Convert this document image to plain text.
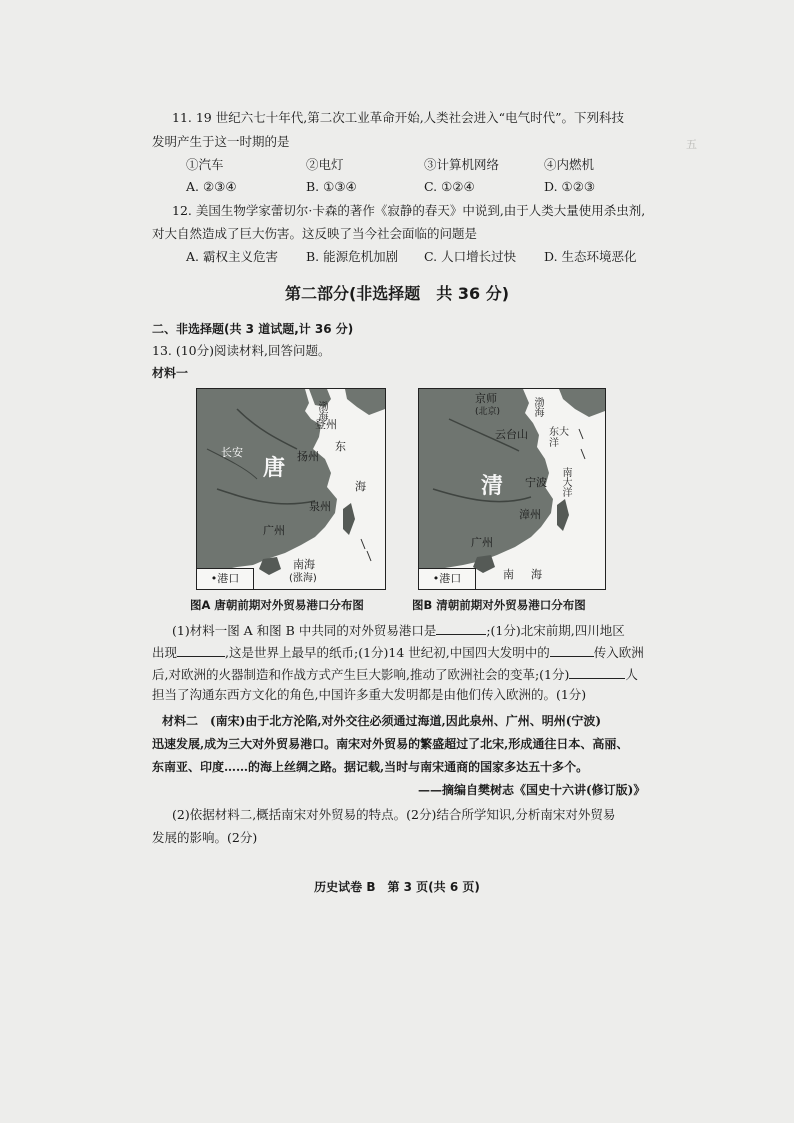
五
11. 19 世纪六七十年代,第二次工业革命开始,人类社会进入“电气时代”。下列科技
发明产生于这一时期的是
①汽车	②电灯	③计算机网络	④内燃机
A. ②③④	B. ①③④	C. ①②④	D. ①②③
12. 美国生物学家蕾切尔·卡森的著作《寂静的春天》中说到,由于人类大量使用杀虫剂,
对大自然造成了巨大伤害。这反映了当今社会面临的问题是
A. 霸权主义危害 B. 能源危机加剧 C. 人口增长过快 D. 生态环境恶化
第二部分(非选择题　共 36 分)
二、非选择题(共 3 道试题,计 36 分)
13. (10分)阅读材料,回答问题。
材料一
渤海
登州
长安	扬州
东
泉州
海
广州
南海
(涨海)
唐
•港口
京师
(北京)	渤海
云台山 东大洋
宁波 南大洋
漳州
广州
南 海
清
•港口
图A 唐朝前期对外贸易港口分布图	图B 清朝前期对外贸易港口分布图
(1)材料一图 A 和图 B 中共同的对外贸易港口是	;(1分)北宋前期,四川地区
出现	,这是世界上最早的纸币;(1分)14 世纪初,中国四大发明中的	传入欧洲
后,对欧洲的火器制造和作战方式产生巨大影响,推动了欧洲社会的变革;(1分)	人
担当了沟通东西方文化的角色,中国许多重大发明都是由他们传入欧洲的。(1分)
材料二　(南宋)由于北方沦陷,对外交往必须通过海道,因此泉州、广州、明州(宁波)
迅速发展,成为三大对外贸易港口。南宋对外贸易的繁盛超过了北宋,形成通往日本、高丽、
东南亚、印度……的海上丝绸之路。据记载,当时与南宋通商的国家多达五十多个。
——摘编自樊树志《国史十六讲(修订版)》
(2)依据材料二,概括南宋对外贸易的特点。(2分)结合所学知识,分析南宋对外贸易
发展的影响。(2分)
历史试卷 B　第 3 页(共 6 页)
